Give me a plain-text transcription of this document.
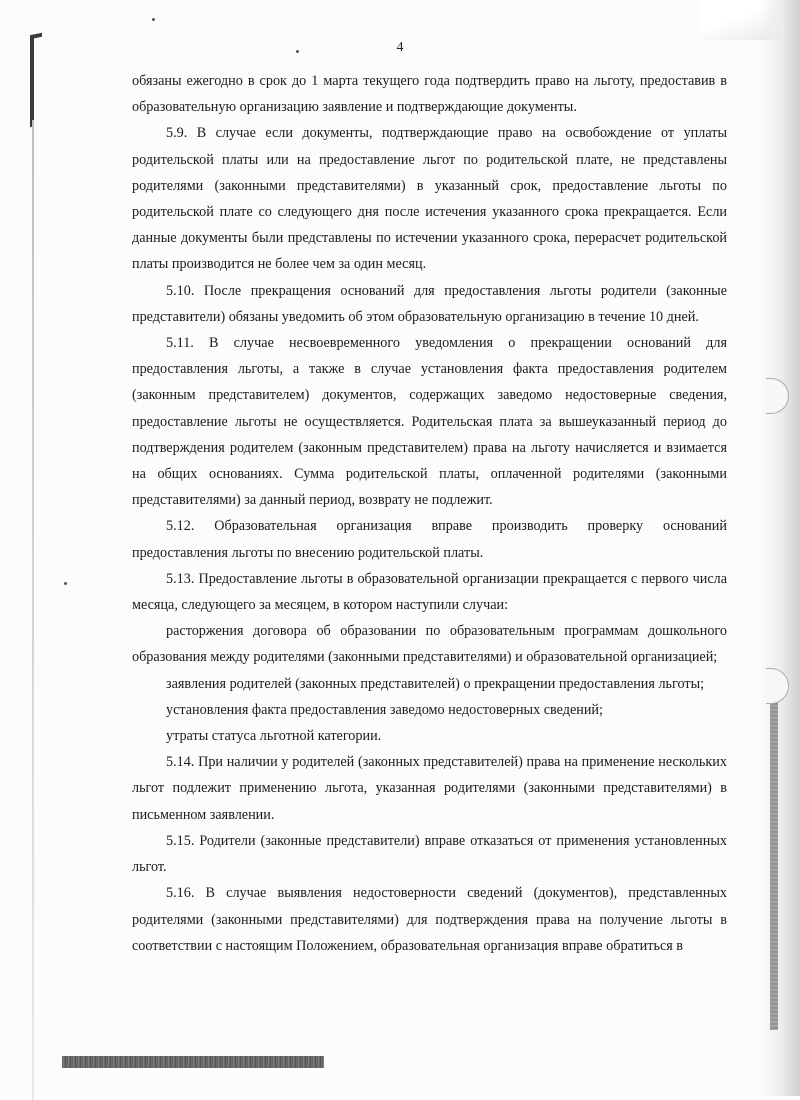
4

обязаны ежегодно в срок до 1 марта текущего года подтвердить право на льготу, предоставив в образовательную организацию заявление и подтверждающие документы.

5.9. В случае если документы, подтверждающие право на освобождение от уплаты родительской платы или на предоставление льгот по родительской плате, не представлены родителями (законными представителями) в указанный срок, предоставление льготы по родительской плате со следующего дня после истечения указанного срока прекращается. Если данные документы были представлены по истечении указанного срока, перерасчет родительской платы производится не более чем за один месяц.

5.10. После прекращения оснований для предоставления льготы родители (законные представители) обязаны уведомить об этом образовательную организацию в течение 10 дней.

5.11. В случае несвоевременного уведомления о прекращении оснований для предоставления льготы, а также в случае установления факта предоставления родителем (законным представителем) документов, содержащих заведомо недостоверные сведения, предоставление льготы не осуществляется. Родительская плата за вышеуказанный период до подтверждения родителем (законным представителем) права на льготу начисляется и взимается на общих основаниях. Сумма родительской платы, оплаченной родителями (законными представителями) за данный период, возврату не подлежит.

5.12. Образовательная организация вправе производить проверку оснований предоставления льготы по внесению родительской платы.

5.13. Предоставление льготы в образовательной организации прекращается с первого числа месяца, следующего за месяцем, в котором наступили случаи:

расторжения договора об образовании по образовательным программам дошкольного образования между родителями (законными представителями) и образовательной организацией;

заявления родителей (законных представителей) о прекращении предоставления льготы;

установления факта предоставления заведомо недостоверных сведений;

утраты статуса льготной категории.

5.14. При наличии у родителей (законных представителей) права на применение нескольких льгот подлежит применению льгота, указанная родителями (законными представителями) в письменном заявлении.

5.15. Родители (законные представители) вправе отказаться от применения установленных льгот.

5.16. В случае выявления недостоверности сведений (документов), представленных родителями (законными представителями) для подтверждения права на получение льготы в соответствии с настоящим Положением, образовательная организация вправе обратиться в
